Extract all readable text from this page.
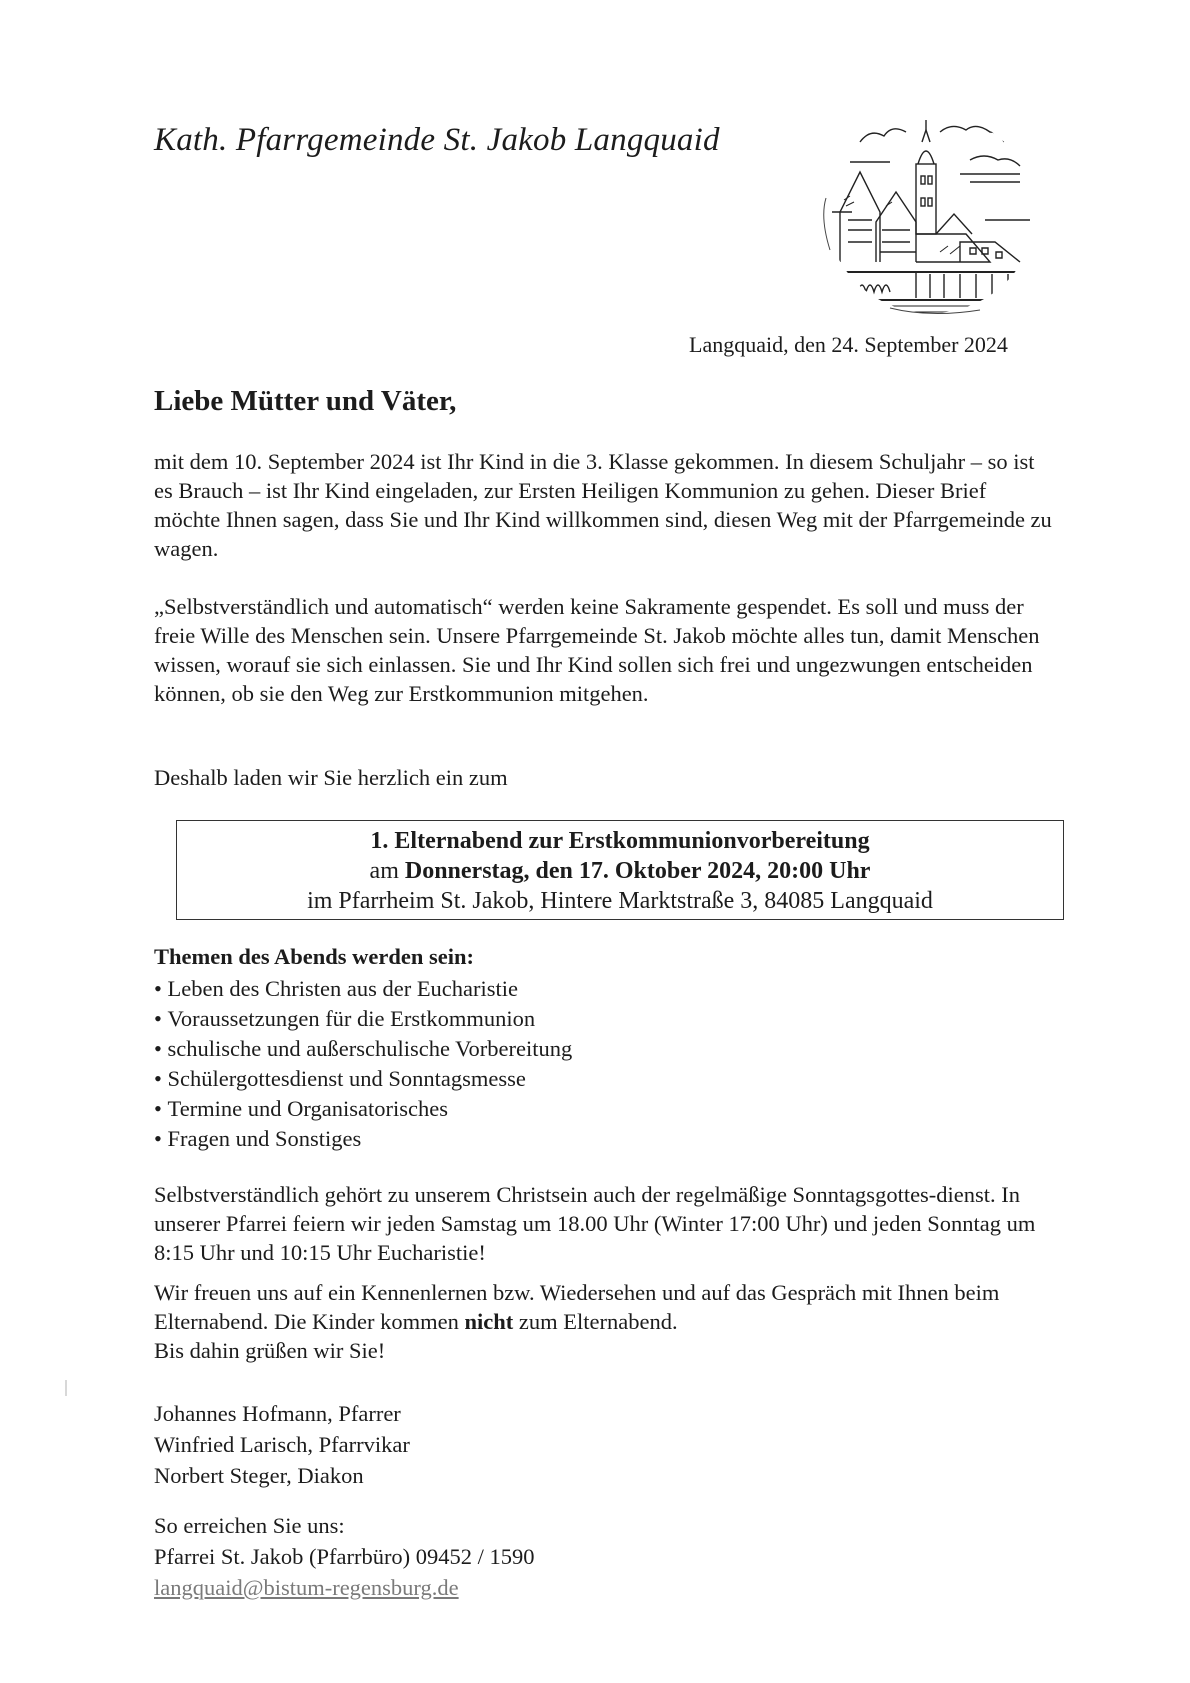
Kath. Pfarrgemeinde St. Jakob Langquaid
Langquaid, den 24. September 2024
Liebe Mütter und Väter,
mit dem 10. September 2024 ist Ihr Kind in die 3. Klasse gekommen. In diesem Schuljahr – so ist es Brauch – ist Ihr Kind eingeladen, zur Ersten Heiligen Kommunion zu gehen. Dieser Brief möchte Ihnen sagen, dass Sie und Ihr Kind willkommen sind, diesen Weg mit der Pfarrgemeinde zu wagen.
„Selbstverständlich und automatisch“ werden keine Sakramente gespendet. Es soll und muss der freie Wille des Menschen sein. Unsere Pfarrgemeinde St. Jakob möchte alles tun, damit Menschen wissen, worauf sie sich einlassen. Sie und Ihr Kind sollen sich frei und ungezwungen entscheiden können, ob sie den Weg zur Erstkommunion mitgehen.
Deshalb laden wir Sie herzlich ein zum
1. Elternabend zur Erstkommunionvorbereitung
am Donnerstag, den 17. Oktober 2024, 20:00 Uhr
im Pfarrheim St. Jakob, Hintere Marktstraße 3, 84085 Langquaid
Themen des Abends werden sein:
• Leben des Christen aus der Eucharistie
• Voraussetzungen für die Erstkommunion
• schulische und außerschulische Vorbereitung
• Schülergottesdienst und Sonntagsmesse
• Termine und Organisatorisches
• Fragen und Sonstiges
Selbstverständlich gehört zu unserem Christsein auch der regelmäßige Sonntagsgottes-dienst. In unserer Pfarrei feiern wir jeden Samstag um 18.00 Uhr (Winter 17:00 Uhr) und jeden Sonntag um 8:15 Uhr und 10:15 Uhr Eucharistie!
Wir freuen uns auf ein Kennenlernen bzw. Wiedersehen und auf das Gespräch mit Ihnen beim Elternabend. Die Kinder kommen nicht zum Elternabend.
Bis dahin grüßen wir Sie!
Johannes Hofmann, Pfarrer
Winfried Larisch, Pfarrvikar
Norbert Steger, Diakon
So erreichen Sie uns:
Pfarrei St. Jakob (Pfarrbüro) 09452 / 1590
langquaid@bistum-regensburg.de
